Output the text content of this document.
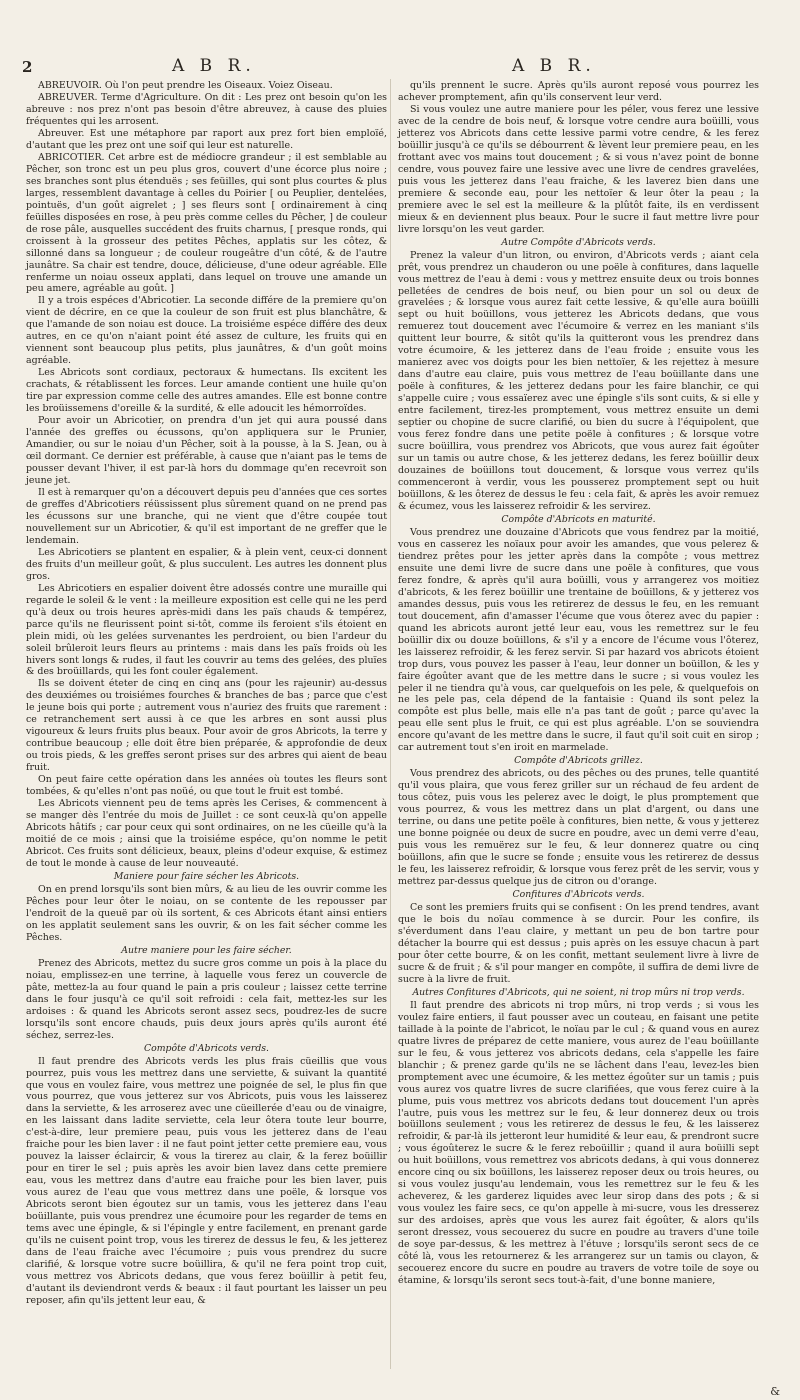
2	A B R.	A B R.

ABREUVOIR. Où l'on peut prendre les Oiseaux. Voiez Oiseau.

ABREUVER. Terme d'Agriculture. On dit : Les prez ont besoin qu'on les abreuve : nos prez n'ont pas besoin d'être abreuvez, à cause des pluies fréquentes qui les arrosent.

Abreuver. Est une métaphore par raport aux prez fort bien emploïé, d'autant que les prez ont une soif qui leur est naturelle.

ABRICOTIER. Cet arbre est de médiocre grandeur ; il est semblable au Pêcher, son tronc est un peu plus gros, couvert d'une écorce plus noire ; ses branches sont plus étenduës ; ses feüilles, qui sont plus courtes & plus larges, ressemblent davantage à celles du Poirier [ ou Peuplier, dentelées, pointuës, d'un goût aigrelet ; ] ses fleurs sont [ ordinairement à cinq feüilles disposées en rose, à peu près comme celles du Pêcher, ] de couleur de rose pâle, ausquelles succédent des fruits charnus, [ presque ronds, qui croissent à la grosseur des petites Pêches, applatis sur les côtez, & sillonné dans sa longueur ; de couleur rougeâtre d'un côté, & de l'autre jaunâtre. Sa chair est tendre, douce, délicieuse, d'une odeur agréable. Elle renferme un noiau osseux applati, dans lequel on trouve une amande un peu amere, agréable au goût. ]

Il y a trois espéces d'Abricotier. La seconde différe de la premiere qu'on vient de décrire, en ce que la couleur de son fruit est plus blanchâtre, & que l'amande de son noiau est douce. La troisiéme espéce différe des deux autres, en ce qu'on n'aiant point été assez de culture, les fruits qui en viennent sont beaucoup plus petits, plus jaunâtres, & d'un goût moins agréable.

Les Abricots sont cordiaux, pectoraux & humectans. Ils excitent les crachats, & rétablissent les forces. Leur amande contient une huile qu'on tire par expression comme celle des autres amandes. Elle est bonne contre les broüissemens d'oreille & la surdité, & elle adoucit les hémorroïdes.

Pour avoir un Abricotier, on prendra d'un jet qui aura poussé dans l'année des greffes ou écussons, qu'on appliquera sur le Prunier, Amandier, ou sur le noiau d'un Pêcher, soit à la pousse, à la S. Jean, ou à œil dormant. Ce dernier est préférable, à cause que n'aiant pas le tems de pousser devant l'hiver, il est par-là hors du dommage qu'en recevroit son jeune jet.

Il est à remarquer qu'on a découvert depuis peu d'années que ces sortes de greffes d'Abricotiers réüssissent plus sûrement quand on ne prend pas les écussons sur une branche, qui ne vient que d'être coupée tout nouvellement sur un Abricotier, & qu'il est important de ne greffer que le lendemain.

Les Abricotiers se plantent en espalier, & à plein vent, ceux-ci donnent des fruits d'un meilleur goût, & plus succulent. Les autres les donnent plus gros.

Les Abricotiers en espalier doivent être adossés contre une muraille qui regarde le soleil & le vent : la meilleure exposition est celle qui ne les perd qu'à deux ou trois heures après-midi dans les païs chauds & tempérez, parce qu'ils ne fleurissent point si-tôt, comme ils feroient s'ils étoient en plein midi, où les gelées survenantes les perdroient, ou bien l'ardeur du soleil brûleroit leurs fleurs au printems : mais dans les païs froids où les hivers sont longs & rudes, il faut les couvrir au tems des gelées, des pluïes & des broüillards, qui les font couler également.

Ils se doivent éteter de cinq en cinq ans (pour les rajeunir) au-dessus des deuxiémes ou troisiémes fourches & branches de bas ; parce que c'est le jeune bois qui porte ; autrement vous n'auriez des fruits que rarement : ce retranchement sert aussi à ce que les arbres en sont aussi plus vigoureux & leurs fruits plus beaux. Pour avoir de gros Abricots, la terre y contribue beaucoup ; elle doit être bien préparée, & approfondie de deux ou trois pieds, & les greffes seront prises sur des arbres qui aient de beau fruit.

On peut faire cette opération dans les années où toutes les fleurs sont tombées, & qu'elles n'ont pas noüé, ou que tout le fruit est tombé.

Les Abricots viennent peu de tems après les Cerises, & commencent à se manger dès l'entrée du mois de Juillet : ce sont ceux-là qu'on appelle Abricots hâtifs ; car pour ceux qui sont ordinaires, on ne les cüeille qu'à la moitié de ce mois ; ainsi que la troisiéme espéce, qu'on nomme le petit Abricot. Ces fruits sont délicieux, beaux, pleins d'odeur exquise, & estimez de tout le monde à cause de leur nouveauté.

Maniere pour faire sécher les Abricots.

On en prend lorsqu'ils sont bien mûrs, & au lieu de les ouvrir comme les Pêches pour leur ôter le noiau, on se contente de les repousser par l'endroit de la queuë par où ils sortent, & ces Abricots étant ainsi entiers on les applatit seulement sans les ouvrir, & on les fait sécher comme les Pêches.

Autre maniere pour les faire sécher.

Prenez des Abricots, mettez du sucre gros comme un pois à la place du noiau, emplissez-en une terrine, à laquelle vous ferez un couvercle de pâte, mettez-la au four quand le pain a pris couleur ; laissez cette terrine dans le four jusqu'à ce qu'il soit refroidi : cela fait, mettez-les sur les ardoises : & quand les Abricots seront assez secs, poudrez-les de sucre lorsqu'ils sont encore chauds, puis deux jours après qu'ils auront été séchez, serrez-les.

Compôte d'Abricots verds.

Il faut prendre des Abricots verds les plus frais cüeillis que vous pourrez, puis vous les mettrez dans une serviette, & suivant la quantité que vous en voulez faire, vous mettrez une poignée de sel, le plus fin que vous pourrez, que vous jetterez sur vos Abricots, puis vous les laisserez dans la serviette, & les arroserez avec une cüeillerée d'eau ou de vinaigre, en les laissant dans ladite serviette, cela leur ôtera toute leur bourre, c'est-à-dire, leur premiere peau, puis vous les jetterez dans de l'eau fraiche pour les bien laver : il ne faut point jetter cette premiere eau, vous pouvez la laisser éclaircir, & vous la tirerez au clair, & la ferez boüillir pour en tirer le sel ; puis après les avoir bien lavez dans cette premiere eau, vous les mettrez dans d'autre eau fraiche pour les bien laver, puis vous aurez de l'eau que vous mettrez dans une poële, & lorsque vos Abricots seront bien égoutez sur un tamis, vous les jetterez dans l'eau boüillante, puis vous prendrez une écumoire pour les regarder de tems en tems avec une épingle, & si l'épingle y entre facilement, en prenant garde qu'ils ne cuisent point trop, vous les tirerez de dessus le feu, & les jetterez dans de l'eau fraiche avec l'écumoire ; puis vous prendrez du sucre clarifié, & lorsque votre sucre boüillira, & qu'il ne fera point trop cuit, vous mettrez vos Abricots dedans, que vous ferez boüillir à petit feu, d'autant ils deviendront verds & beaux : il faut pourtant les laisser un peu reposer, afin qu'ils jettent leur eau, &

qu'ils prennent le sucre. Après qu'ils auront reposé vous pourrez les achever promptement, afin qu'ils conservent leur verd.

Si vous voulez une autre maniere pour les péler, vous ferez une lessive avec de la cendre de bois neuf, & lorsque votre cendre aura boüilli, vous jetterez vos Abricots dans cette lessive parmi votre cendre, & les ferez boüillir jusqu'à ce qu'ils se débourrent & lèvent leur premiere peau, en les frottant avec vos mains tout doucement ; & si vous n'avez point de bonne cendre, vous pouvez faire une lessive avec une livre de cendres gravelées, puis vous les jetterez dans l'eau fraiche, & les laverez bien dans une premiere & seconde eau, pour les nettoïer & leur ôter la peau ; la premiere avec le sel est la meilleure & la plûtôt faite, ils en verdissent mieux & en deviennent plus beaux. Pour le sucre il faut mettre livre pour livre lorsqu'on les veut garder.

Autre Compôte d'Abricots verds.

Prenez la valeur d'un litron, ou environ, d'Abricots verds ; aiant cela prêt, vous prendrez un chauderon ou une poële à confitures, dans laquelle vous mettrez de l'eau à demi : vous y mettrez ensuite deux ou trois bonnes pelletées de cendres de bois neuf, ou bien pour un sol ou deux de gravelées ; & lorsque vous aurez fait cette lessive, & qu'elle aura boüilli sept ou huit boüillons, vous jetterez les Abricots dedans, que vous remuerez tout doucement avec l'écumoire & verrez en les maniant s'ils quittent leur bourre, & sitôt qu'ils la quitteront vous les prendrez dans votre écumoire, & les jetterez dans de l'eau froide ; ensuite vous les manierez avec vos doigts pour les bien nettoïer, & les rejettez à mesure dans d'autre eau claire, puis vous mettrez de l'eau boüillante dans une poële à confitures, & les jetterez dedans pour les faire blanchir, ce qui s'appelle cuire ; vous essaïerez avec une épingle s'ils sont cuits, & si elle y entre facilement, tirez-les promptement, vous mettrez ensuite un demi septier ou chopine de sucre clarifié, ou bien du sucre à l'équipolent, que vous ferez fondre dans une petite poële à confitures ; & lorsque votre sucre boüillira, vous prendrez vos Abricots, que vous aurez fait égoûter sur un tamis ou autre chose, & les jetterez dedans, les ferez boüillir deux douzaines de boüillons tout doucement, & lorsque vous verrez qu'ils commenceront à verdir, vous les pousserez promptement sept ou huit boüillons, & les ôterez de dessus le feu : cela fait, & après les avoir remuez & écumez, vous les laisserez refroidir & les servirez.

Compôte d'Abricots en maturité.

Vous prendrez une douzaine d'Abricots que vous fendrez par la moitié, vous en casserez les noïaux pour avoir les amandes, que vous pelerez & tiendrez prêtes pour les jetter après dans la compôte ; vous mettrez ensuite une demi livre de sucre dans une poële à confitures, que vous ferez fondre, & après qu'il aura boüilli, vous y arrangerez vos moitiez d'abricots, & les ferez boüillir une trentaine de boüillons, & y jetterez vos amandes dessus, puis vous les retirerez de dessus le feu, en les remuant tout doucement, afin d'amasser l'écume que vous ôterez avec du papier : quand les abricots auront jetté leur eau, vous les remettrez sur le feu boüillir dix ou douze boüillons, & s'il y a encore de l'écume vous l'ôterez, les laisserez refroidir, & les ferez servir. Si par hazard vos abricots étoient trop durs, vous pouvez les passer à l'eau, leur donner un boüillon, & les y faire égoûter avant que de les mettre dans le sucre ; si vous voulez les peler il ne tiendra qu'à vous, car quelquefois on les pele, & quelquefois on ne les pele pas, cela dépend de la fantaisie : Quand ils sont pelez la compôte est plus belle, mais elle n'a pas tant de goût ; parce qu'avec la peau elle sent plus le fruit, ce qui est plus agréable. L'on se souviendra encore qu'avant de les mettre dans le sucre, il faut qu'il soit cuit en sirop ; car autrement tout s'en iroit en marmelade.

Compôte d'Abricots grillez.

Vous prendrez des abricots, ou des pêches ou des prunes, telle quantité qu'il vous plaira, que vous ferez griller sur un réchaud de feu ardent de tous côtez, puis vous les pelerez avec le doigt, le plus promptement que vous pourrez, & vous les mettrez dans un plat d'argent, ou dans une terrine, ou dans une petite poële à confitures, bien nette, & vous y jetterez une bonne poignée ou deux de sucre en poudre, avec un demi verre d'eau, puis vous les remuërez sur le feu, & leur donnerez quatre ou cinq boüillons, afin que le sucre se fonde ; ensuite vous les retirerez de dessus le feu, les laisserez refroidir, & lorsque vous ferez prêt de les servir, vous y mettrez par-dessus quelque jus de citron ou d'orange.

Confitures d'Abricots verds.

Ce sont les premiers fruits qui se confisent : On les prend tendres, avant que le bois du noïau commence à se durcir. Pour les confire, ils s'éverdument dans l'eau claire, y mettant un peu de bon tartre pour détacher la bourre qui est dessus ; puis après on les essuye chacun à part pour ôter cette bourre, & on les confit, mettant seulement livre à livre de sucre & de fruit ; & s'il pour manger en compôte, il suffira de demi livre de sucre à la livre de fruit.

Autres Confitures d'Abricots, qui ne soient, ni trop mûrs ni trop verds.

Il faut prendre des abricots ni trop mûrs, ni trop verds ; si vous les voulez faire entiers, il faut pousser avec un couteau, en faisant une petite taillade à la pointe de l'abricot, le noïau par le cul ; & quand vous en aurez quatre livres de préparez de cette maniere, vous aurez de l'eau boüillante sur le feu, & vous jetterez vos abricots dedans, cela s'appelle les faire blanchir ; & prenez garde qu'ils ne se lâchent dans l'eau, levez-les bien promptement avec une écumoire, & les mettez égoûter sur un tamis ; puis vous aurez vos quatre livres de sucre clarifiées, que vous ferez cuire à la plume, puis vous mettrez vos abricots dedans tout doucement l'un après l'autre, puis vous les mettrez sur le feu, & leur donnerez deux ou trois boüillons seulement ; vous les retirerez de dessus le feu, & les laisserez refroidir, & par-là ils jetteront leur humidité & leur eau, & prendront sucre ; vous égoûterez le sucre & le ferez reboüillir ; quand il aura boüilli sept ou huit boüillons, vous remettrez vos abricots dedans, à qui vous donnerez encore cinq ou six boüillons, les laisserez reposer deux ou trois heures, ou si vous voulez jusqu'au lendemain, vous les remettrez sur le feu & les acheverez, & les garderez liquides avec leur sirop dans des pots ; & si vous voulez les faire secs, ce qu'on appelle à mi-sucre, vous les dresserez sur des ardoises, après que vous les aurez fait égoûter, & alors qu'ils seront dressez, vous secouerez du sucre en poudre au travers d'une toile de soye par-dessus, & les mettrez à l'étuve ; lorsqu'ils seront secs de ce côté là, vous les retournerez & les arrangerez sur un tamis ou clayon, & secouerez encore du sucre en poudre au travers de votre toile de soye ou étamine, & lorsqu'ils seront secs tout-à-fait, d'une bonne maniere,

&
